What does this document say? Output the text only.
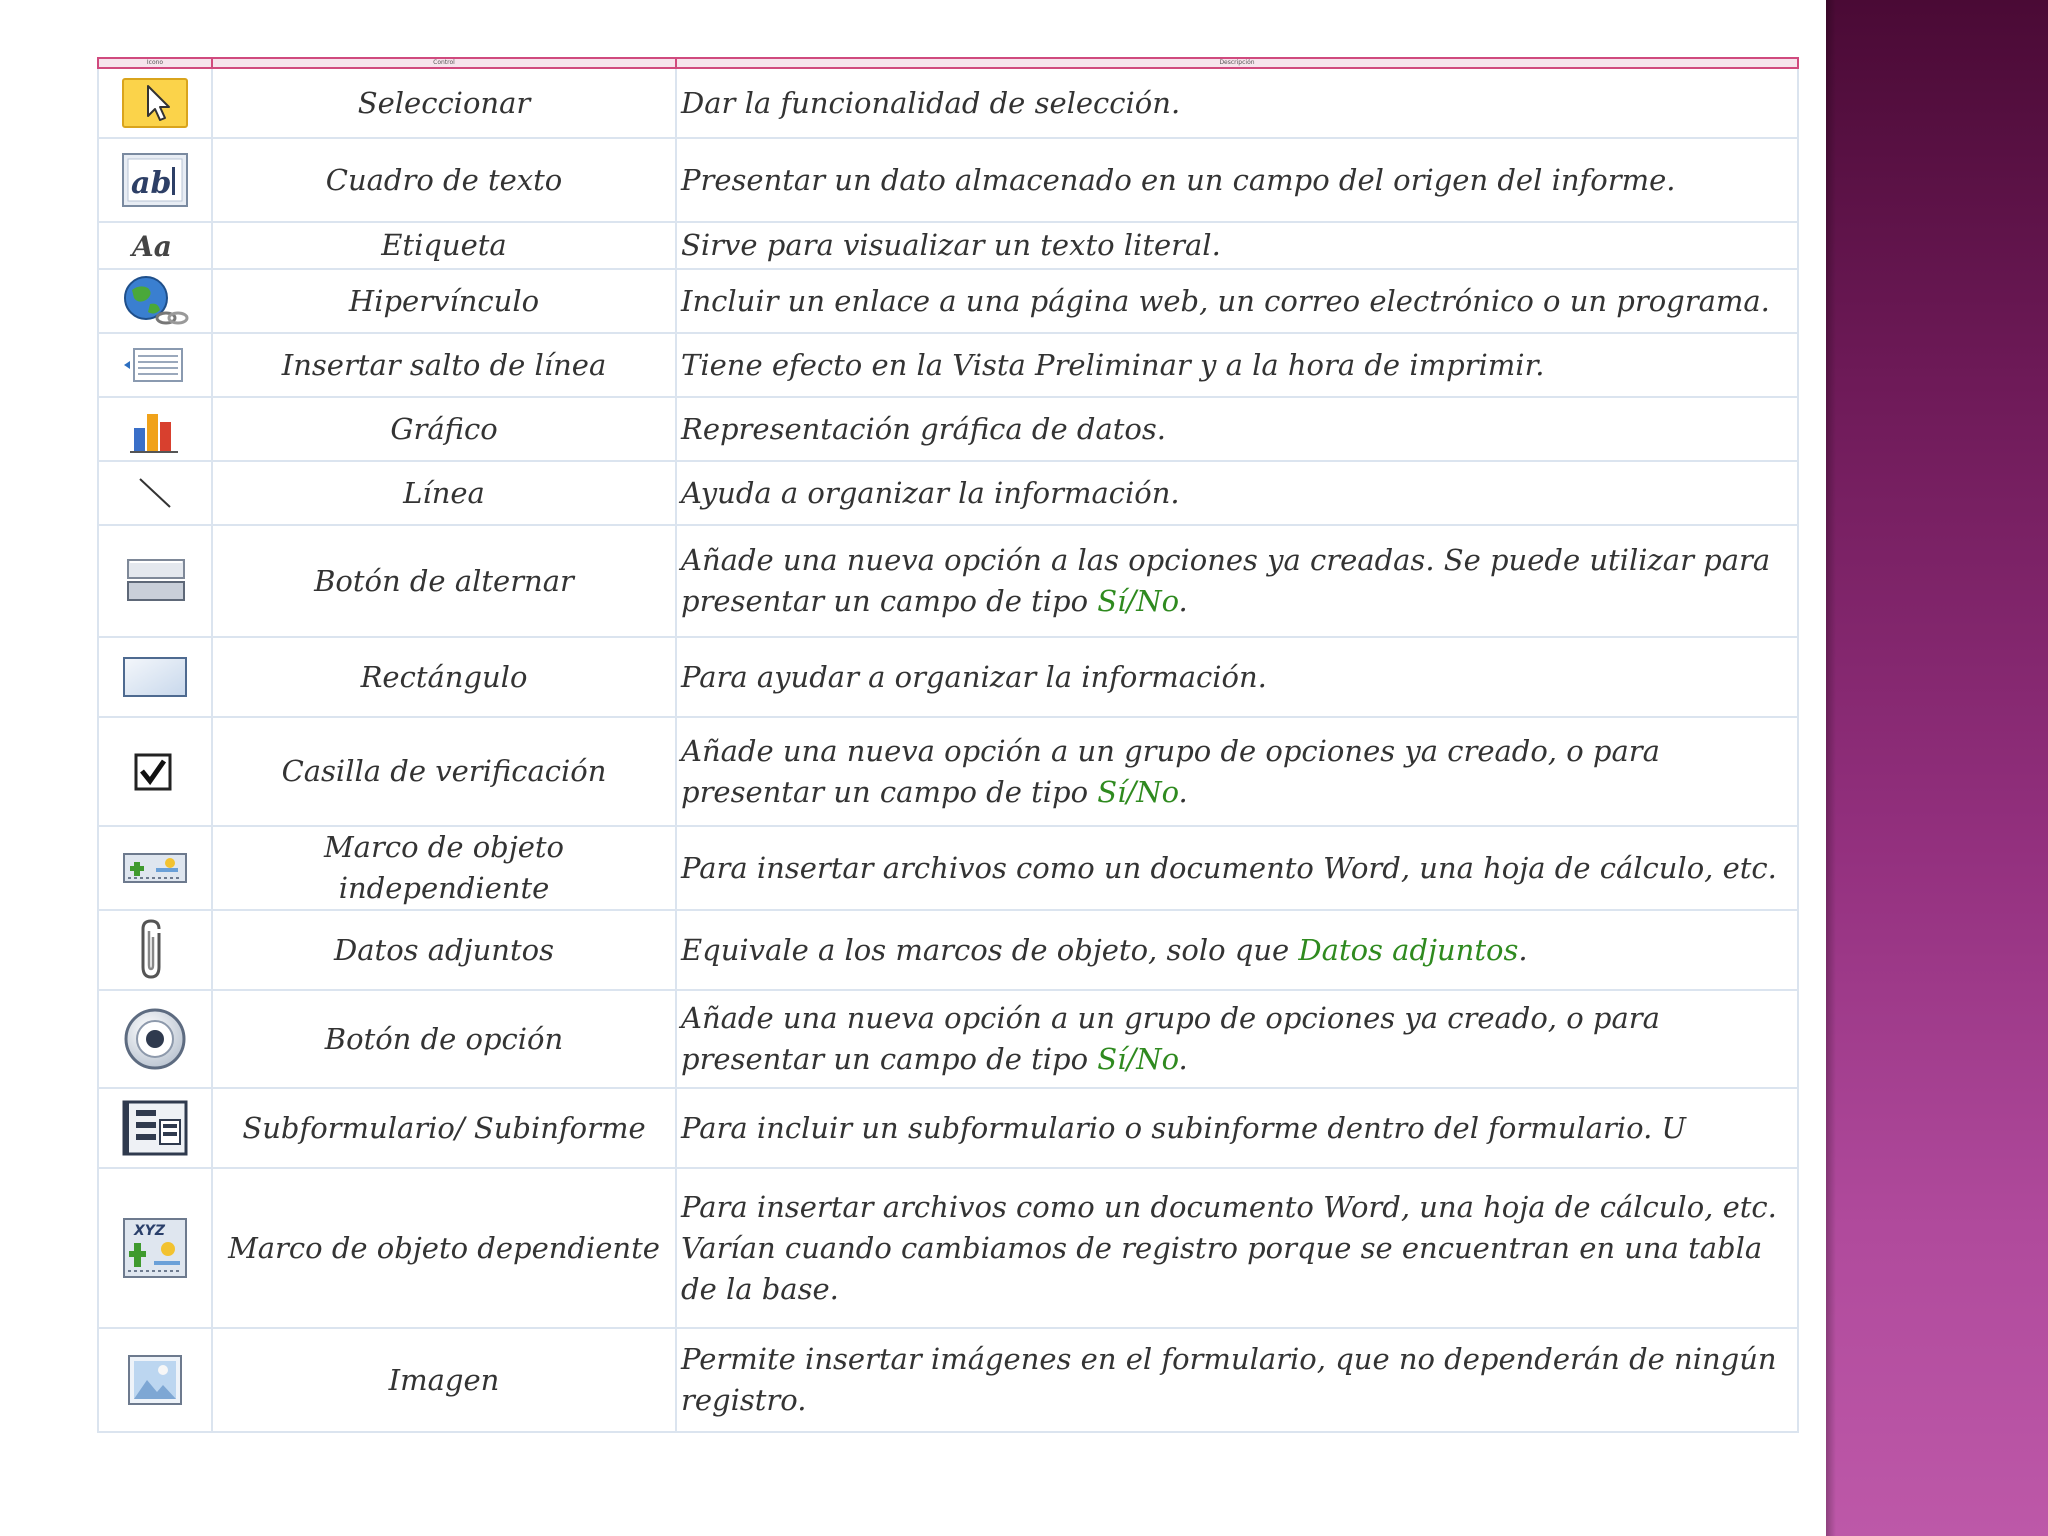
Icono	Control	Descripción

	Seleccionar	Dar la funcionalidad de selección.

ab	Cuadro de texto	Presentar un dato almacenado en un campo del origen del informe.

Aa	Etiqueta	Sirve para visualizar un texto literal.

	Hipervínculo	Incluir un enlace a una página web, un correo electrónico o un programa.

	Insertar salto de línea	Tiene efecto en la Vista Preliminar y a la hora de imprimir.

	Gráfico	Representación gráfica de datos.

	Línea	Ayuda a organizar la información.

	Botón de alternar	Añade una nueva opción a las opciones ya creadas. Se puede utilizar para presentar un campo de tipo Sí/No.

	Rectángulo	Para ayudar a organizar la información.

	Casilla de verificación	Añade una nueva opción a un grupo de opciones ya creado, o para presentar un campo de tipo Sí/No.

	Marco de objeto independiente	Para insertar archivos como un documento Word, una hoja de cálculo, etc.

	Datos adjuntos	Equivale a los marcos de objeto, solo que Datos adjuntos.

	Botón de opción	Añade una nueva opción a un grupo de opciones ya creado, o para presentar un campo de tipo Sí/No.

	Subformulario/ Subinforme	Para incluir un subformulario o subinforme dentro del formulario. U

XYZ	Marco de objeto dependiente	Para insertar archivos como un documento Word, una hoja de cálculo, etc. Varían cuando cambiamos de registro porque se encuentran en una tabla de la base.

	Imagen	Permite insertar imágenes en el formulario, que no dependerán de ningún registro.
